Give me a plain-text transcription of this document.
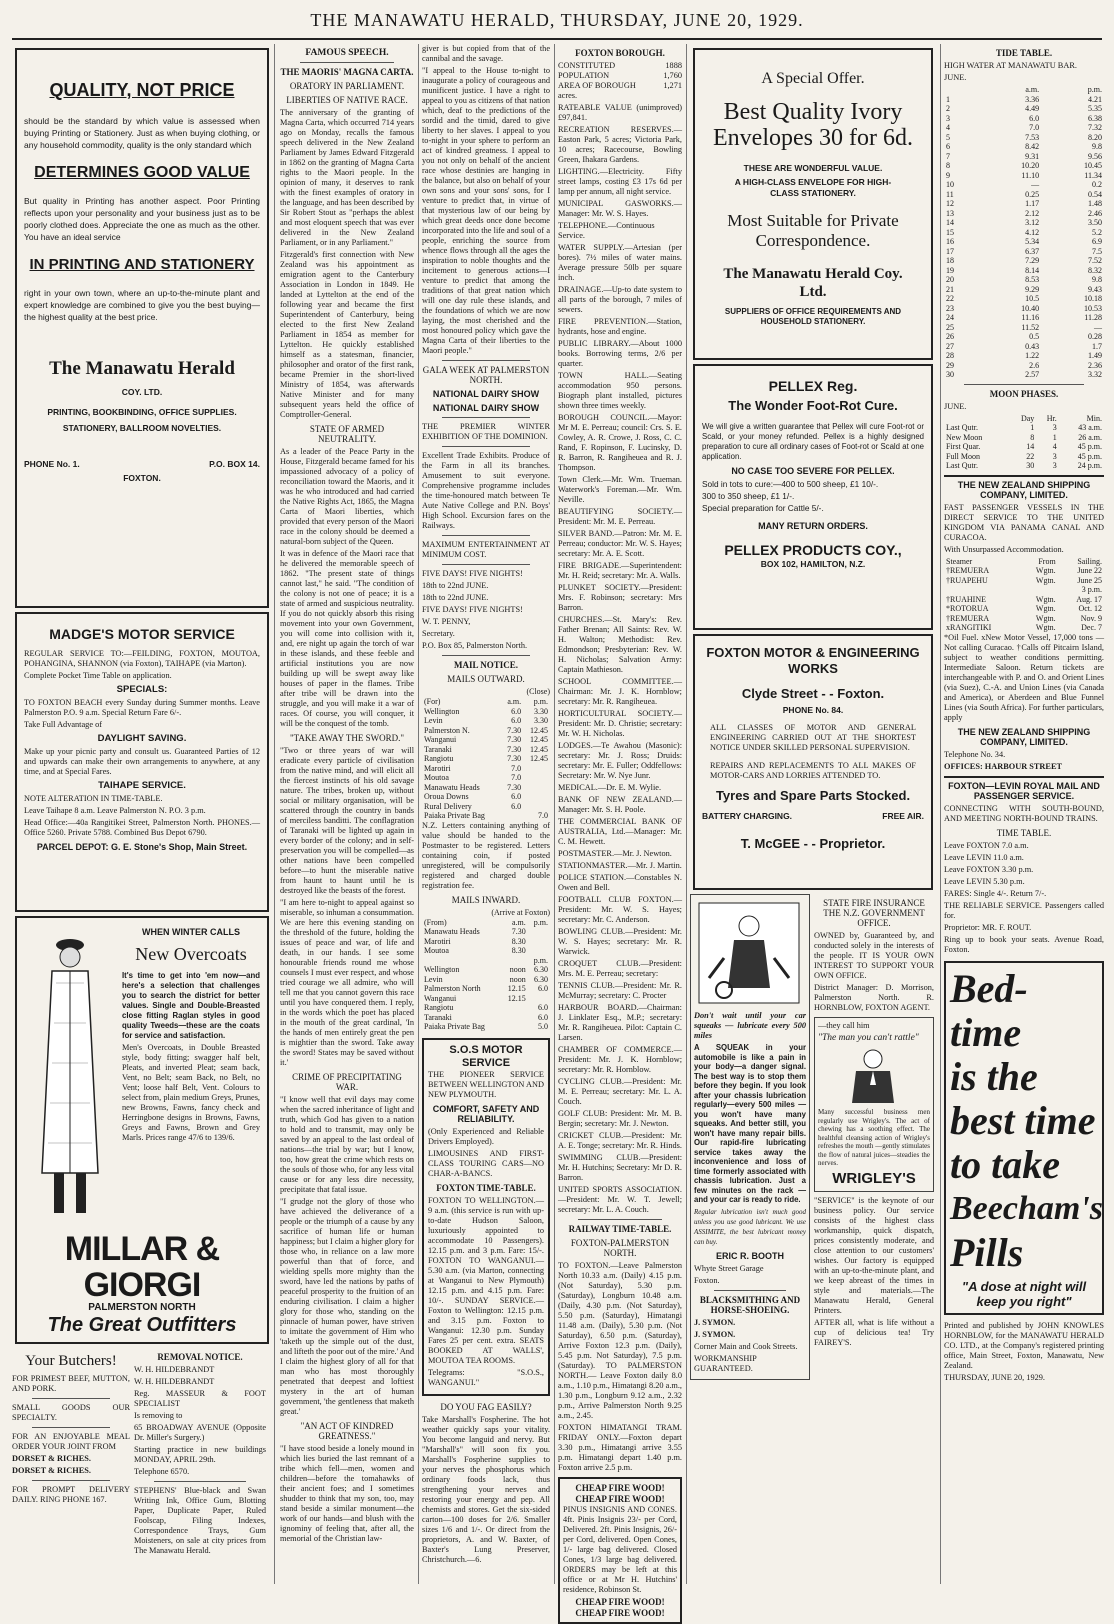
THE MANAWATU HERALD, THURSDAY, JUNE 20, 1929.
QUALITY, NOT PRICE

should be the standard by which value is assessed when buying Printing or Stationery. Just as when buying clothing, or any household commodity, quality is the only standard which

DETERMINES GOOD VALUE

But quality in Printing has another aspect. Poor Printing reflects upon your personality and your business just as to be poorly clothed does. Appreciate the one as much as the other. You have an ideal service

IN PRINTING AND STATIONERY

right in your own town, where an up-to-the-minute plant and expert knowledge are combined to give you the best buying—the highest quality at the best price.

The Manawatu Herald
COY. LTD.
PRINTING, BOOKBINDING, OFFICE SUPPLIES.
STATIONERY, BALLROOM NOVELTIES.
PHONE No. 1.	P.O. BOX 14.
FOXTON.
MADGE'S MOTOR SERVICE

REGULAR SERVICE TO:—FEILDING, FOXTON, MOUTOA, POHANGINA, SHANNON (via Foxton), TAIHAPE (via Marton).

Complete Pocket Time Table on application.

SPECIALS:

TO FOXTON BEACH every Sunday during Summer months. Leave Palmerston P.O. 9 a.m. Special Return Fare 6/-.

Take Full Advantage of

DAYLIGHT SAVING.

Make up your picnic party and consult us. Guaranteed Parties of 12 and upwards can make their own arrangements to anywhere, at any time, and at Special Fares.

TAIHAPE SERVICE.

NOTE ALTERATION IN TIME-TABLE.

Leave Taihape 8 a.m. Leave Palmerston N. P.O. 3 p.m.

Head Office:—40a Rangitikei Street, Palmerston North. PHONES.—Office 5260. Private 5788. Combined Bus Depot 6790.

PARCEL DEPOT: G. E. Stone's Shop, Main Street.
WHEN WINTER CALLS
New Overcoats

It's time to get into 'em now—and here's a selection that challenges you to search the district for better values. Single and Double-Breasted close fitting Raglan styles in good quality Tweeds—these are the coats for service and satisfaction.

Men's Overcoats, in Double Breasted style, body fitting; swagger half belt, Pleats, and inverted Pleat; seam back, Vent, no Belt; seam Back, no Belt, no Vent; loose half Belt, Vent. Colours to select from, plain medium Greys, Prunes, new Browns, Fawns, fancy check and Herringbone designs in Browns, Fawns, Greys and Fawns, Brown and Grey Marls. Prices range 47/6 to 139/6.

MILLAR & GIORGI
PALMERSTON NORTH
The Great Outfitters
Your Butchers!

FOR PRIMEST BEEF, MUTTON, AND PORK.

SMALL GOODS OUR SPECIALTY.

FOR AN ENJOYABLE MEAL ORDER YOUR JOINT FROM

DORSET & RICHES.

DORSET & RICHES.

FOR PROMPT DELIVERY DAILY. RING PHONE 167.

REMOVAL NOTICE.

W. H. HILDEBRANDT

W. H. HILDEBRANDT

Reg. MASSEUR & FOOT SPECIALIST

Is removing to

65 BROADWAY AVENUE (Opposite Dr. Miller's Surgery.)

Starting practice in new buildings MONDAY, APRIL 29th.

Telephone 6570.

STEPHENS' Blue-black and Swan Writing Ink, Office Gum, Blotting Paper, Duplicate Paper, Ruled Foolscap, Filing Indexes, Correspondence Trays, Gum Moisteners, on sale at city prices from The Manawatu Herald.

FAMOUS SPEECH.
THE MAORIS' MAGNA CARTA.
ORATORY IN PARLIAMENT.
LIBERTIES OF NATIVE RACE.

The anniversary of the granting of Magna Carta, which occurred 714 years ago on Monday, recalls the famous speech delivered in the New Zealand Parliament by James Edward Fitzgerald in 1862 on the granting of Magna Carta rights to the Maori people. In the opinion of many, it deserves to rank with the finest examples of oratory in the language, and has been described by Sir Robert Stout as "perhaps the ablest and most eloquent speech that was ever delivered in the New Zealand Parliament, or in any Parliament."

Fitzgerald's first connection with New Zealand was his appointment as emigration agent to the Canterbury Association in London in 1849. He landed at Lyttelton at the end of the following year and became the first Superintendent of Canterbury, being elected to the first New Zealand Parliament in 1854 as member for Lyttelton. He quickly established himself as a statesman, financier, philosopher and orator of the first rank, became Premier in the short-lived Ministry of 1854, was afterwards Native Minister and for many subsequent years held the office of Comptroller-General.

STATE OF ARMED NEUTRALITY.

As a leader of the Peace Party in the House, Fitzgerald became famed for his impassioned advocacy of a policy of reconciliation toward the Maoris, and it was he who introduced and had carried the Native Rights Act, 1865, the Magna Carta of Maori liberties, which provided that every person of the Maori race in the colony should be deemed a natural-born subject of the Queen.

It was in defence of the Maori race that he delivered the memorable speech of 1862. "The present state of things cannot last," he said. "The condition of the colony is not one of peace; it is a state of armed and suspicious neutrality. If you do not quickly absorb this rising movement into your own Government, you will come into collision with it, and, ere night up again the torch of war in these islands, and these feeble and artificial institutions you are now building up will be swept away like houses of paper in the flames. Tribe after tribe will be drawn into the struggle, and you will make it a war of races. Of course, you will conquer, it will be the conquest of the tomb.

"TAKE AWAY THE SWORD."

"Two or three years of war will eradicate every particle of civilisation from the native mind, and will elicit all the fiercest instincts of his old savage nature. The tribes, broken up, without social or military organisation, will be scattered through the country in bands of merciless banditti. The conflagration of Taranaki will be lighted up again in every border of the colony; and in self-preservation you will be compelled—as other nations have been compelled before—to hunt the miserable native from haunt to haunt until he is destroyed like the beasts of the forest.

"I am here to-night to appeal against so miserable, so inhuman a consummation. We are here this evening standing on the threshold of the future, holding the issues of peace and war, of life and death, in our hands. I see some honourable friends round me whose counsels I must ever respect, and whose tried courage we all admire, who will tell me that you cannot govern this race until you have conquered them. I reply, in the words which the poet has placed in the mouth of the great cardinal, 'In the hands of men entirely great the pen is mightier than the sword. Take away the sword! States may be saved without it.'

CRIME OF PRECIPITATING WAR.

"I know well that evil days may come when the sacred inheritance of light and truth, which God has given to a nation to hold and to transmit, may only be saved by an appeal to the last ordeal of nations—the trial by war; but I know, too, how great the crime which rests on the souls of those who, for any less vital cause or for any less dire necessity, precipitate that fatal issue.

"I grudge not the glory of those who have achieved the deliverance of a people or the triumph of a cause by any sacrifice of human life or human happiness; but I claim a higher glory for those who, in reliance on a law more powerful than that of force, and wielding spells more mighty than the sword, have led the nations by paths of peaceful prosperity to the fruition of an enduring civilisation. I claim a higher glory for those who, standing on the pinnacle of human power, have striven to imitate the government of Him who 'taketh up the simple out of the dust, and lifteth the poor out of the mire.' And I claim the highest glory of all for that man who has most thoroughly penetrated that deepest and loftiest mystery in the art of human government, 'the gentleness that maketh great.'

"AN ACT OF KINDRED GREATNESS."

"I have stood beside a lonely mound in which lies buried the last remnant of a tribe which fell—men, women and children—before the tomahawks of their ancient foes; and I sometimes shudder to think that my son, too, may stand beside a similar monument—the work of our hands—and blush with the ignominy of feeling that, after all, the memorial of the Christian law-

giver is but copied from that of the cannibal and the savage.

"I appeal to the House to-night to inaugurate a policy of courageous and munificent justice. I have a right to appeal to you as citizens of that nation which, deaf to the predictions of the sordid and the timid, dared to give liberty to her slaves. I appeal to you to-night in your sphere to perform an act of kindred greatness. I appeal to you not only on behalf of the ancient race whose destinies are hanging in the balance, but also on behalf of your own sons and your sons' sons, for I venture to predict that, in virtue of that mysterious law of our being by which great deeds once done become incorporated into the life and soul of a people, enriching the source from whence flows through all the ages the inspiration to noble thoughts and the incitement to generous actions—I venture to predict that among the traditions of that great nation which will one day rule these islands, and the foundations of which we are now laying, the most cherished and the most honoured policy which gave the Magna Carta of their liberties to the Maori people."

GALA WEEK AT PALMERSTON NORTH.
NATIONAL DAIRY SHOW
NATIONAL DAIRY SHOW

THE PREMIER WINTER EXHIBITION OF THE DOMINION.

Excellent Trade Exhibits. Produce of the Farm in all its branches. Amusement to suit everyone. Comprehensive programme includes the time-honoured match between Te Aute Native College and P.N. Boys' High School. Excursion fares on the Railways.

MAXIMUM ENTERTAINMENT AT MINIMUM COST.

FIVE DAYS! FIVE NIGHTS!

18th to 22nd JUNE.

18th to 22nd JUNE.

FIVE DAYS! FIVE NIGHTS!

W. T. PENNY,

Secretary.

P.O. Box 85, Palmerston North.

MAIL NOTICE.
MAILS OUTWARD.
(Close)
(For)	a.m.	p.m.
Wellington	6.0	3.30
Levin	6.0	3.30
Palmerston N.	7.30	12.45
Wanganui	7.30	12.45
Taranaki	7.30	12.45
Rangiotu	7.30	12.45
Marotiri	7.0	
Moutoa	7.0	
Manawatu Heads	7.30	
Oroua Downs	6.0	
Rural Delivery	6.0	
Paiaka Private Bag		7.0

N.Z. Letters containing anything of value should be handed to the Postmaster to be registered. Letters containing coin, if posted unregistered, will be compulsorily registered and charged double registration fee.

MAILS INWARD.
(Arrive at Foxton)
(From)	a.m.	p.m.
Manawatu Heads	7.30	
Marotiri	8.30	
Moutoa	8.30	
		p.m.
Wellington	noon	6.30
Levin	noon	6.30
Palmerston North	12.15	6.0
Wanganui	12.15	
Rangiotu		6.0
Taranaki		6.0
Paiaka Private Bag		5.0
S.O.S MOTOR SERVICE

THE PIONEER SERVICE BETWEEN WELLINGTON AND NEW PLYMOUTH.

COMFORT, SAFETY AND RELIABILITY.

(Only Experienced and Reliable Drivers Employed).

LIMOUSINES AND FIRST-CLASS TOURING CARS—NO CHAR-A-BANCS.

FOXTON TIME-TABLE.

FOXTON TO WELLINGTON.— 9 a.m. (this service is run with up-to-date Hudson Saloon, luxuriously appointed to accommodate 10 Passengers). 12.15 p.m. and 3 p.m. Fare: 15/-. FOXTON TO WANGANUI.— 5.30 a.m. (via Marton, connecting at Wanganui to New Plymouth) 12.15 p.m. and 4.15 p.m. Fare: 10/-. SUNDAY SERVICE.— Foxton to Wellington: 12.15 p.m. and 3.15 p.m. Foxton to Wanganui: 12.30 p.m. Sunday Fares 25 per cent. extra. SEATS BOOKED AT WALLS', MOUTOA TEA ROOMS.

Telegrams: "S.O.S., WANGANUI."

DO YOU FAG EASILY?

Take Marshall's Fospherine. The hot weather quickly saps your vitality. You become languid and nervy. But "Marshall's" will soon fix you. Marshall's Fospherine supplies to your nerves the phosphorus which ordinary foods lack, thus strengthening your nerves and restoring your energy and pep. All chemists and stores. Get the six-sided carton—100 doses for 2/6. Smaller sizes 1/6 and 1/-. Or direct from the proprietors, A. and W. Baxter, of Baxter's Lung Preserver, Christchurch.—6.

FOXTON BOROUGH.
CONSTITUTED	1888
POPULATION	1,760
AREA OF BOROUGH	1,271

acres.

RATEABLE VALUE (unimproved) £97,841.

RECREATION RESERVES.—Easton Park, 5 acres; Victoria Park, 10 acres; Racecourse, Bowling Green, Ihakara Gardens.

LIGHTING.—Electricity. Fifty street lamps, costing £3 17s 6d per lamp per annum, all night service.

MUNICIPAL GASWORKS.—Manager: Mr. W. S. Hayes.

TELEPHONE.—Continuous Service.

WATER SUPPLY.—Artesian (per bores). 7½ miles of water mains. Average pressure 50lb per square inch.

DRAINAGE.—Up-to date system to all parts of the borough, 7 miles of sewers.

FIRE PREVENTION.—Station, hydrants, hose and engine.

PUBLIC LIBRARY.—About 1000 books. Borrowing terms, 2/6 per quarter.

TOWN HALL.—Seating accommodation 950 persons. Biograph plant installed, pictures shown three times weekly.

BOROUGH COUNCIL.—Mayor: Mr M. E. Perreau; council: Crs. S. E. Cowley, A. R. Crowe, J. Ross, C. C. Rand, F. Ropinson, F. Lucinsky, D. R. Barron, R. Rangiheuea and R. J. Thompson.

Town Clerk.—Mr. Wm. Trueman. Waterwork's Foreman.—Mr. Wm. Neville.

BEAUTIFYING SOCIETY.—President: Mr. M. E. Perreau.

SILVER BAND.—Patron: Mr. M. E. Perreau; conductor: Mr. W. S. Hayes; secretary: Mr. A. E. Scott.

FIRE BRIGADE.—Superintendent: Mr. H. Reid; secretary: Mr. A. Walls.

PLUNKET SOCIETY.—President: Mrs. F. Robinson; secretary: Mrs Barron.

CHURCHES.—St. Mary's: Rev. Father Brenan; All Saints: Rev. W. H. Walton; Methodist: Rev. Edmondson; Presbyterian: Rev. W. H. Nicholas; Salvation Army: Captain Mathieson.

SCHOOL COMMITTEE.—Chairman: Mr. J. K. Hornblow; secretary: Mr. R. Rangiheuea.

HORTICULTURAL SOCIETY.—President: Mr. D. Christie; secretary: Mr. W. H. Nicholas.

LODGES.—Te Awahou (Masonic): secretary: Mr. J. Ross; Druids: secretary: Mr. E. Fuller; Oddfellows: Secretary: Mr. W. Nye Junr.

MEDICAL.—Dr. E. M. Wylie.

BANK OF NEW ZEALAND.—Manager: Mr. S. H. Poole.

THE COMMERCIAL BANK OF AUSTRALIA, Ltd.—Manager: Mr. C. M. Hewett.

POSTMASTER.—Mr. J. Newton.

STATIONMASTER.—Mr. J. Martin.

POLICE STATION.—Constables N. Owen and Bell.

FOOTBALL CLUB FOXTON.—President: Mr. W. S. Hayes; secretary: Mr. C. Anderson.

BOWLING CLUB.—President: Mr. W. S. Hayes; secretary: Mr. R. Warwick.

CROQUET CLUB.—President: Mrs. M. E. Perreau; secretary:

TENNIS CLUB.—President: Mr. R. McMurray; secretary: C. Procter

HARBOUR BOARD.—Chairman: J. Linklater Esq., M.P.; secretary: Mr. R. Rangiheuea. Pilot: Captain C. Larsen.

CHAMBER OF COMMERCE.—President: Mr. J. K. Hornblow; secretary: Mr. R. Hornblow.

CYCLING CLUB.—President: Mr. M. E. Perreau; secretary: Mr. L. A. Couch.

GOLF CLUB: President: Mr. M. B. Bergin; secretary: Mr. J. Newton.

CRICKET CLUB.—President: Mr. A. E. Tonge; secretary: Mr. R. Hinds.

SWIMMING CLUB.—President: Mr. H. Hutchins; Secretary: Mr D. R. Barron.

UNITED SPORTS ASSOCIATION. —President: Mr. W. T. Jewell; secretary: Mr. L. A. Couch.

RAILWAY TIME-TABLE.
FOXTON-PALMERSTON NORTH.

TO FOXTON.—Leave Palmerston North 10.33 a.m. (Daily) 4.15 p.m. (Not Saturday), 5.30 p.m. (Saturday), Longburn 10.48 a.m. (Daily, 4.30 p.m. (Not Saturday), 5.50 p.m. (Saturday), Himatangi 11.48 a.m. (Daily), 5.30 p.m. (Not Saturday), 6.50 p.m. (Saturday), Arrive Foxton 12.3 p.m. (Daily), 5.45 p.m. Not Saturday), 7.5 p.m. (Saturday). TO PALMERSTON NORTH.— Leave Foxton daily 8.0 a.m., 1.10 p.m., Himatangi 8.20 a.m., 1.30 p.m., Longburn 9.12 a.m., 2.32 p.m., Arrive Palmerston North 9.25 a.m., 2.45.

FOXTON HIMATANGI TRAM. FRIDAY ONLY.—Foxton depart 3.30 p.m., Himatangi arrive 3.55 p.m. Himatangi depart 1.40 p.m. Foxton arrive 2.5 p.m.

CHEAP FIRE WOOD!
CHEAP FIRE WOOD!

PINUS INSIGNIS AND CONES. 4ft. Pinis Insignis 23/- per Cord, Delivered. 2ft. Pinis Insignis, 26/- per Cord, delivered. Open Cones, 1/- large bag delivered. Closed Cones, 1/3 large bag delivered. ORDERS may be left at this office or at Mr H. Hutchins' residence, Robinson St.

CHEAP FIRE WOOD!
CHEAP FIRE WOOD!
A Special Offer.
Best Quality Ivory Envelopes 30 for 6d.
THESE ARE WONDERFUL VALUE.
A HIGH-CLASS ENVELOPE FOR HIGH-CLASS STATIONERY.
Most Suitable for Private Correspondence.
The Manawatu Herald Coy. Ltd.
SUPPLIERS OF OFFICE REQUIREMENTS AND HOUSEHOLD STATIONERY.
PELLEX Reg.
The Wonder Foot-Rot Cure.

We will give a written guarantee that Pellex will cure Foot-rot or Scald, or your money refunded. Pellex is a highly designed preparation to cure all ordinary cases of Foot-rot or Scald at one application.

NO CASE TOO SEVERE FOR PELLEX.

Sold in tots to cure:—400 to 500 sheep, £1 10/-.

300 to 350 sheep, £1 1/-.

Special preparation for Cattle 5/-.

MANY RETURN ORDERS.
PELLEX PRODUCTS COY.,
BOX 102, HAMILTON, N.Z.
FOXTON MOTOR & ENGINEERING WORKS
Clyde Street - - Foxton.
PHONE No. 84.

ALL CLASSES OF MOTOR AND GENERAL ENGINEERING CARRIED OUT AT THE SHORTEST NOTICE UNDER SKILLED PERSONAL SUPERVISION.

REPAIRS AND REPLACEMENTS TO ALL MAKES OF MOTOR-CARS AND LORRIES ATTENDED TO.

Tyres and Spare Parts Stocked.
BATTERY CHARGING.	FREE AIR.
T. McGEE - - Proprietor.

Don't wait until your car squeaks — lubricate every 500 miles

A SQUEAK in your automobile is like a pain in your body—a danger signal. The best way is to stop them before they begin. If you look after your chassis lubrication regularly—every 500 miles — you won't have many squeaks. And better still, you won't have many repair bills. Our rapid-fire lubricating service takes away the inconvenience and loss of time formerly associated with chassis lubrication. Just a few minutes on the rack —and your car is ready to ride.

Regular lubrication isn't much good unless you use good lubricant. We use ASSIMITE, the best lubricant money can buy.

ERIC R. BOOTH

Whyte Street Garage

Foxton.

BLACKSMITHING AND HORSE-SHOEING.

J. SYMON.

J. SYMON.

Corner Main and Cook Streets.

WORKMANSHIP GUARANTEED.

STATE FIRE INSURANCE THE N.Z. GOVERNMENT OFFICE.

OWNED by, Guaranteed by, and conducted solely in the interests of the people. IT IS YOUR OWN INTEREST TO SUPPORT YOUR OWN OFFICE.

District Manager: D. Morrison, Palmerston North. R. HORNBLOW, FOXTON AGENT.

—they call him

"The man you can't rattle"

Many successful business men regularly use Wrigley's. The act of chewing has a soothing effect. The healthful cleansing action of Wrigley's refreshes the mouth —gently stimulates the flow of natural juices—steadies the nerves.

WRIGLEY'S

"SERVICE" is the keynote of our business policy. Our service consists of the highest class workmanship, quick dispatch, prices consistently moderate, and close attention to our customers' wishes. Our factory is equipped with an up-to-the-minute plant, and we keep abreast of the times in style and materials.—The Manawatu Herald, General Printers.

AFTER all, what is life without a cup of delicious tea! Try FAIREY'S.

TIDE TABLE.

HIGH WATER AT MANAWATU BAR.

JUNE.

	a.m.	p.m.
1	3.36	4.21
2	4.49	5.35
3	6.0	6.38
4	7.0	7.32
5	7.53	8.20
6	8.42	9.8
7	9.31	9.56
8	10.20	10.45
9	11.10	11.34
10	—	0.2
11	0.25	0.54
12	1.17	1.48
13	2.12	2.46
14	3.12	3.50
15	4.12	5.2
16	5.34	6.9
17	6.37	7.5
18	7.29	7.52
19	8.14	8.32
20	8.53	9.8
21	9.29	9.43
22	10.5	10.18
23	10.40	10.53
24	11.16	11.28
25	11.52	—
26	0.5	0.28
27	0.43	1.7
28	1.22	1.49
29	2.6	2.36
30	2.57	3.32
MOON PHASES.

JUNE.

	Day	Hr.	Min.
Last Qutr.	1	3	43 a.m.
New Moon	8	1	26 a.m.
First Quar.	14	4	45 p.m.
Full Moon	22	3	45 p.m.
Last Qutr.	30	3	24 p.m.
THE NEW ZEALAND SHIPPING COMPANY, LIMITED.

FAST PASSENGER VESSELS IN THE DIRECT SERVICE TO THE UNITED KINGDOM VIA PANAMA CANAL AND CURACOA.

With Unsurpassed Accommodation.

Steamer	From	Sailing.
†REMUERA	Wgtn.	June 22
†RUAPEHU	Wgtn.	June 25
		3 p.m.
†RUAHINE	Wgtn.	Aug. 17
*ROTORUA	Wgtn.	Oct. 12
†REMUERA	Wgtn.	Nov. 9
xRANGITIKI	Wgtn.	Dec. 7

*Oil Fuel. xNew Motor Vessel, 17,000 tons —Not calling Curacao. †Calls off Pitcairn Island, subject to weather conditions permitting. Intermediate Saloon. Return tickets are interchangeable with P. and O. and Orient Lines (via Suez), C.-A. and Union Lines (via Canada and America), or Aberdeen and Blue Funnel Lines (via South Africa). For further particulars, apply

THE NEW ZEALAND SHIPPING COMPANY, LIMITED.

Telephone No. 34.

OFFICES: HARBOUR STREET

FOXTON—LEVIN ROYAL MAIL AND PASSENGER SERVICE.

CONNECTING WITH SOUTH-BOUND, AND MEETING NORTH-BOUND TRAINS.

TIME TABLE.

Leave FOXTON 7.0 a.m.

Leave LEVIN 11.0 a.m.

Leave FOXTON 3.30 p.m.

Leave LEVIN 5.30 p.m.

FARES: Single 4/-. Return 7/-.

THE RELIABLE SERVICE. Passengers called for.

Proprietor: MR. F. ROUT.

Ring up to book your seats. Avenue Road, Foxton.

Bed-time
is the
best time
to take
Beecham's
Pills
"A dose at night will keep you right"

Printed and published by JOHN KNOWLES HORNBLOW, for the MANAWATU HERALD CO. LTD., at the Company's registered printing office, Main Street, Foxton, Manawatu, New Zealand.

THURSDAY, JUNE 20, 1929.
